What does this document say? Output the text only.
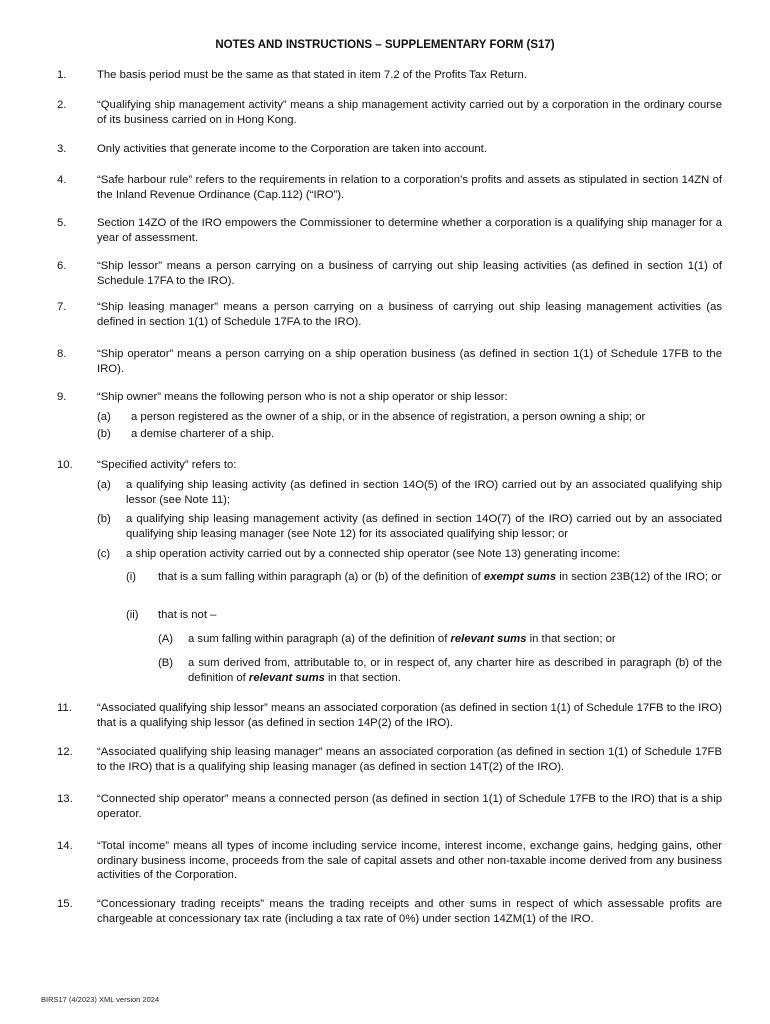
NOTES AND INSTRUCTIONS – SUPPLEMENTARY FORM (S17)
1.	The basis period must be the same as that stated in item 7.2 of the Profits Tax Return.
2.	“Qualifying ship management activity” means a ship management activity carried out by a corporation in the ordinary course of its business carried on in Hong Kong.
3.	Only activities that generate income to the Corporation are taken into account.
4.	“Safe harbour rule” refers to the requirements in relation to a corporation’s profits and assets as stipulated in section 14ZN of the Inland Revenue Ordinance (Cap.112) (“IRO”).
5.	Section 14ZO of the IRO empowers the Commissioner to determine whether a corporation is a qualifying ship manager for a year of assessment.
6.	“Ship lessor” means a person carrying on a business of carrying out ship leasing activities (as defined in section 1(1) of Schedule 17FA to the IRO).
7.	“Ship leasing manager” means a person carrying on a business of carrying out ship leasing management activities (as defined in section 1(1) of Schedule 17FA to the IRO).
8.	“Ship operator” means a person carrying on a ship operation business (as defined in section 1(1) of Schedule 17FB to the IRO).
9.	“Ship owner” means the following person who is not a ship operator or ship lessor:
(a) a person registered as the owner of a ship, or in the absence of registration, a person owning a ship; or
(b) a demise charterer of a ship.
10. “Specified activity” refers to:
(a) a qualifying ship leasing activity (as defined in section 14O(5) of the IRO) carried out by an associated qualifying ship lessor (see Note 11);
(b) a qualifying ship leasing management activity (as defined in section 14O(7) of the IRO) carried out by an associated qualifying ship leasing manager (see Note 12) for its associated qualifying ship lessor; or
(c) a ship operation activity carried out by a connected ship operator (see Note 13) generating income:
(i) that is a sum falling within paragraph (a) or (b) of the definition of exempt sums in section 23B(12) of the IRO; or
(ii) that is not –
(A) a sum falling within paragraph (a) of the definition of relevant sums in that section; or
(B) a sum derived from, attributable to, or in respect of, any charter hire as described in paragraph (b) of the definition of relevant sums in that section.
11. “Associated qualifying ship lessor” means an associated corporation (as defined in section 1(1) of Schedule 17FB to the IRO) that is a qualifying ship lessor (as defined in section 14P(2) of the IRO).
12. “Associated qualifying ship leasing manager” means an associated corporation (as defined in section 1(1) of Schedule 17FB to the IRO) that is a qualifying ship leasing manager (as defined in section 14T(2) of the IRO).
13. “Connected ship operator” means a connected person (as defined in section 1(1) of Schedule 17FB to the IRO) that is a ship operator.
14. “Total income” means all types of income including service income, interest income, exchange gains, hedging gains, other ordinary business income, proceeds from the sale of capital assets and other non-taxable income derived from any business activities of the Corporation.
15. “Concessionary trading receipts” means the trading receipts and other sums in respect of which assessable profits are chargeable at concessionary tax rate (including a tax rate of 0%) under section 14ZM(1) of the IRO.
BIRS17 (4/2023) XML version 2024
